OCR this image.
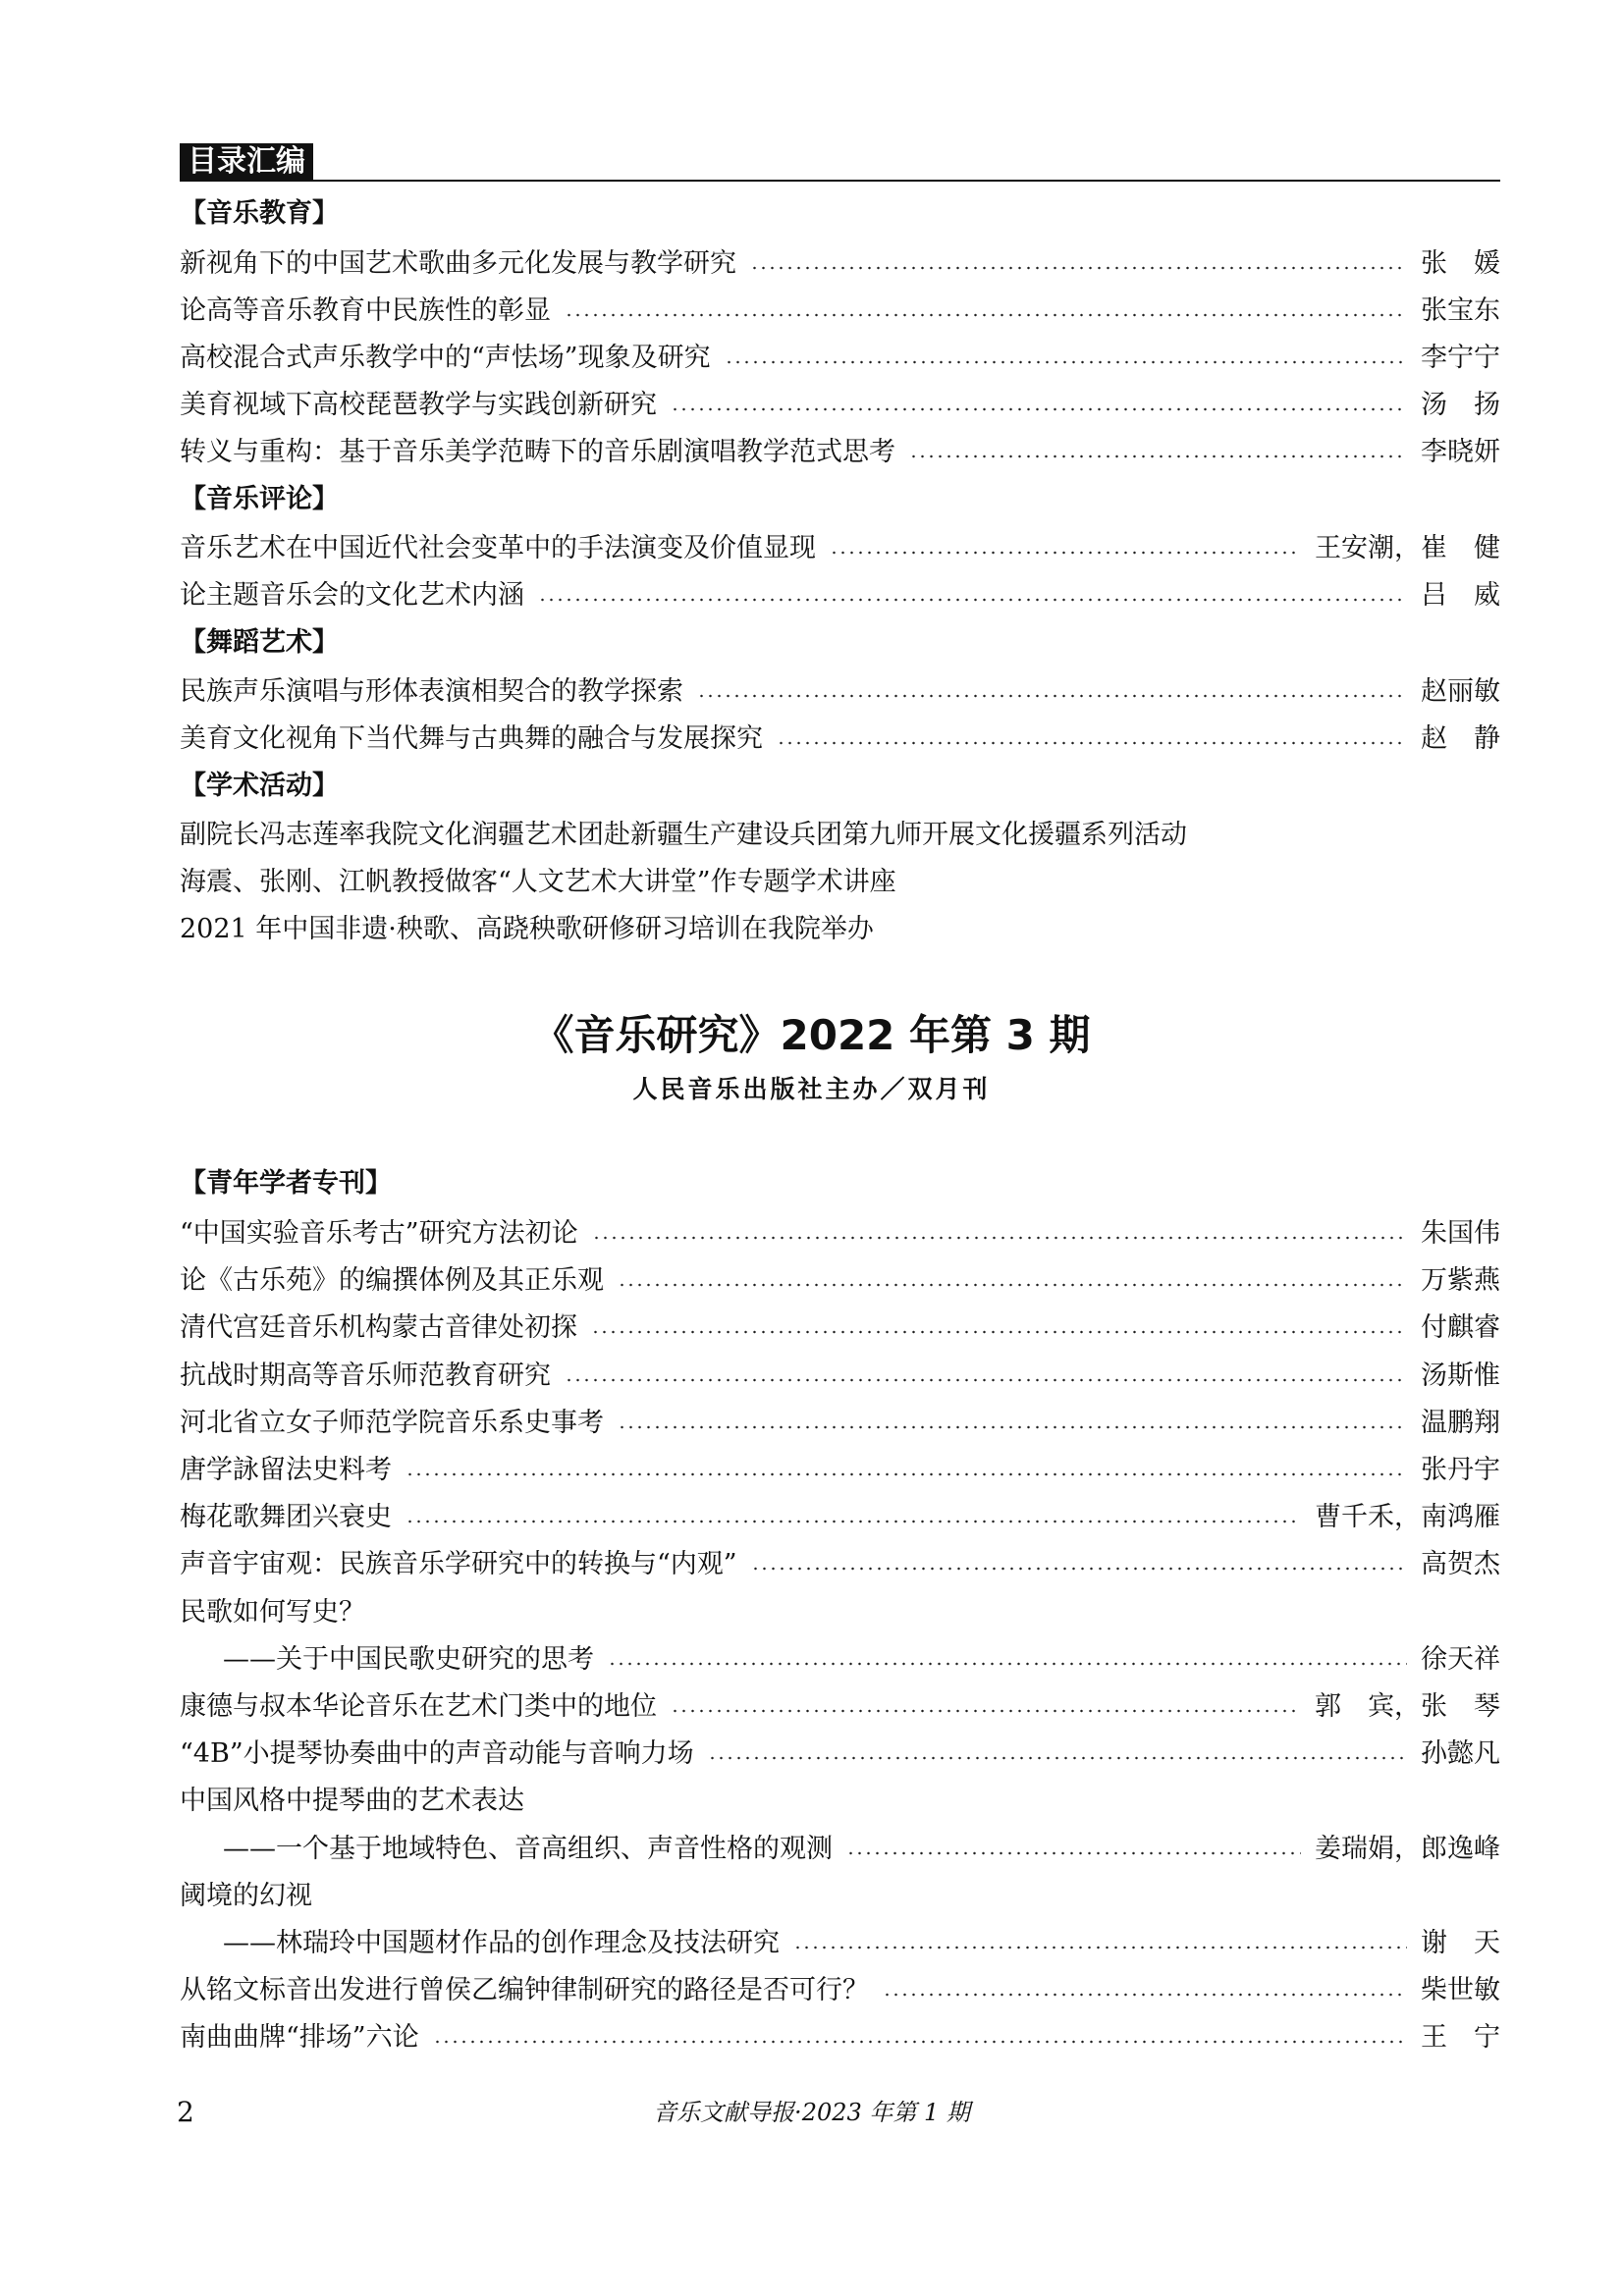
目录汇编
【音乐教育】
新视角下的中国艺术歌曲多元化发展与教学研究	张　媛
论高等音乐教育中民族性的彰显	张宝东
高校混合式声乐教学中的“声怯场”现象及研究	李宁宁
美育视域下高校琵琶教学与实践创新研究	汤　扬
转义与重构：基于音乐美学范畴下的音乐剧演唱教学范式思考	李晓妍
【音乐评论】
音乐艺术在中国近代社会变革中的手法演变及价值显现	王安潮，崔　健
论主题音乐会的文化艺术内涵	吕　威
【舞蹈艺术】
民族声乐演唱与形体表演相契合的教学探索	赵丽敏
美育文化视角下当代舞与古典舞的融合与发展探究	赵　静
【学术活动】
副院长冯志莲率我院文化润疆艺术团赴新疆生产建设兵团第九师开展文化援疆系列活动
海震、张刚、江帆教授做客“人文艺术大讲堂”作专题学术讲座
2021 年中国非遗·秧歌、高跷秧歌研修研习培训在我院举办
《音乐研究》2022 年第 3 期
人民音乐出版社主办／双月刊
【青年学者专刊】
“中国实验音乐考古”研究方法初论	朱国伟
论《古乐苑》的编撰体例及其正乐观	万紫燕
清代宫廷音乐机构蒙古音律处初探	付麒睿
抗战时期高等音乐师范教育研究	汤斯惟
河北省立女子师范学院音乐系史事考	温鹏翔
唐学詠留法史料考	张丹宇
梅花歌舞团兴衰史	曹千禾，南鸿雁
声音宇宙观：民族音乐学研究中的转换与“内观”	高贺杰
民歌如何写史？
——关于中国民歌史研究的思考	徐天祥
康德与叔本华论音乐在艺术门类中的地位	郭　宾，张　琴
“4B”小提琴协奏曲中的声音动能与音响力场	孙懿凡
中国风格中提琴曲的艺术表达
——一个基于地域特色、音高组织、声音性格的观测	姜瑞娟，郎逸峰
阈境的幻视
——林瑞玲中国题材作品的创作理念及技法研究	谢　天
从铭文标音出发进行曾侯乙编钟律制研究的路径是否可行？	柴世敏
南曲曲牌“排场”六论	王　宁
2	音乐文献导报·2023 年第 1 期
